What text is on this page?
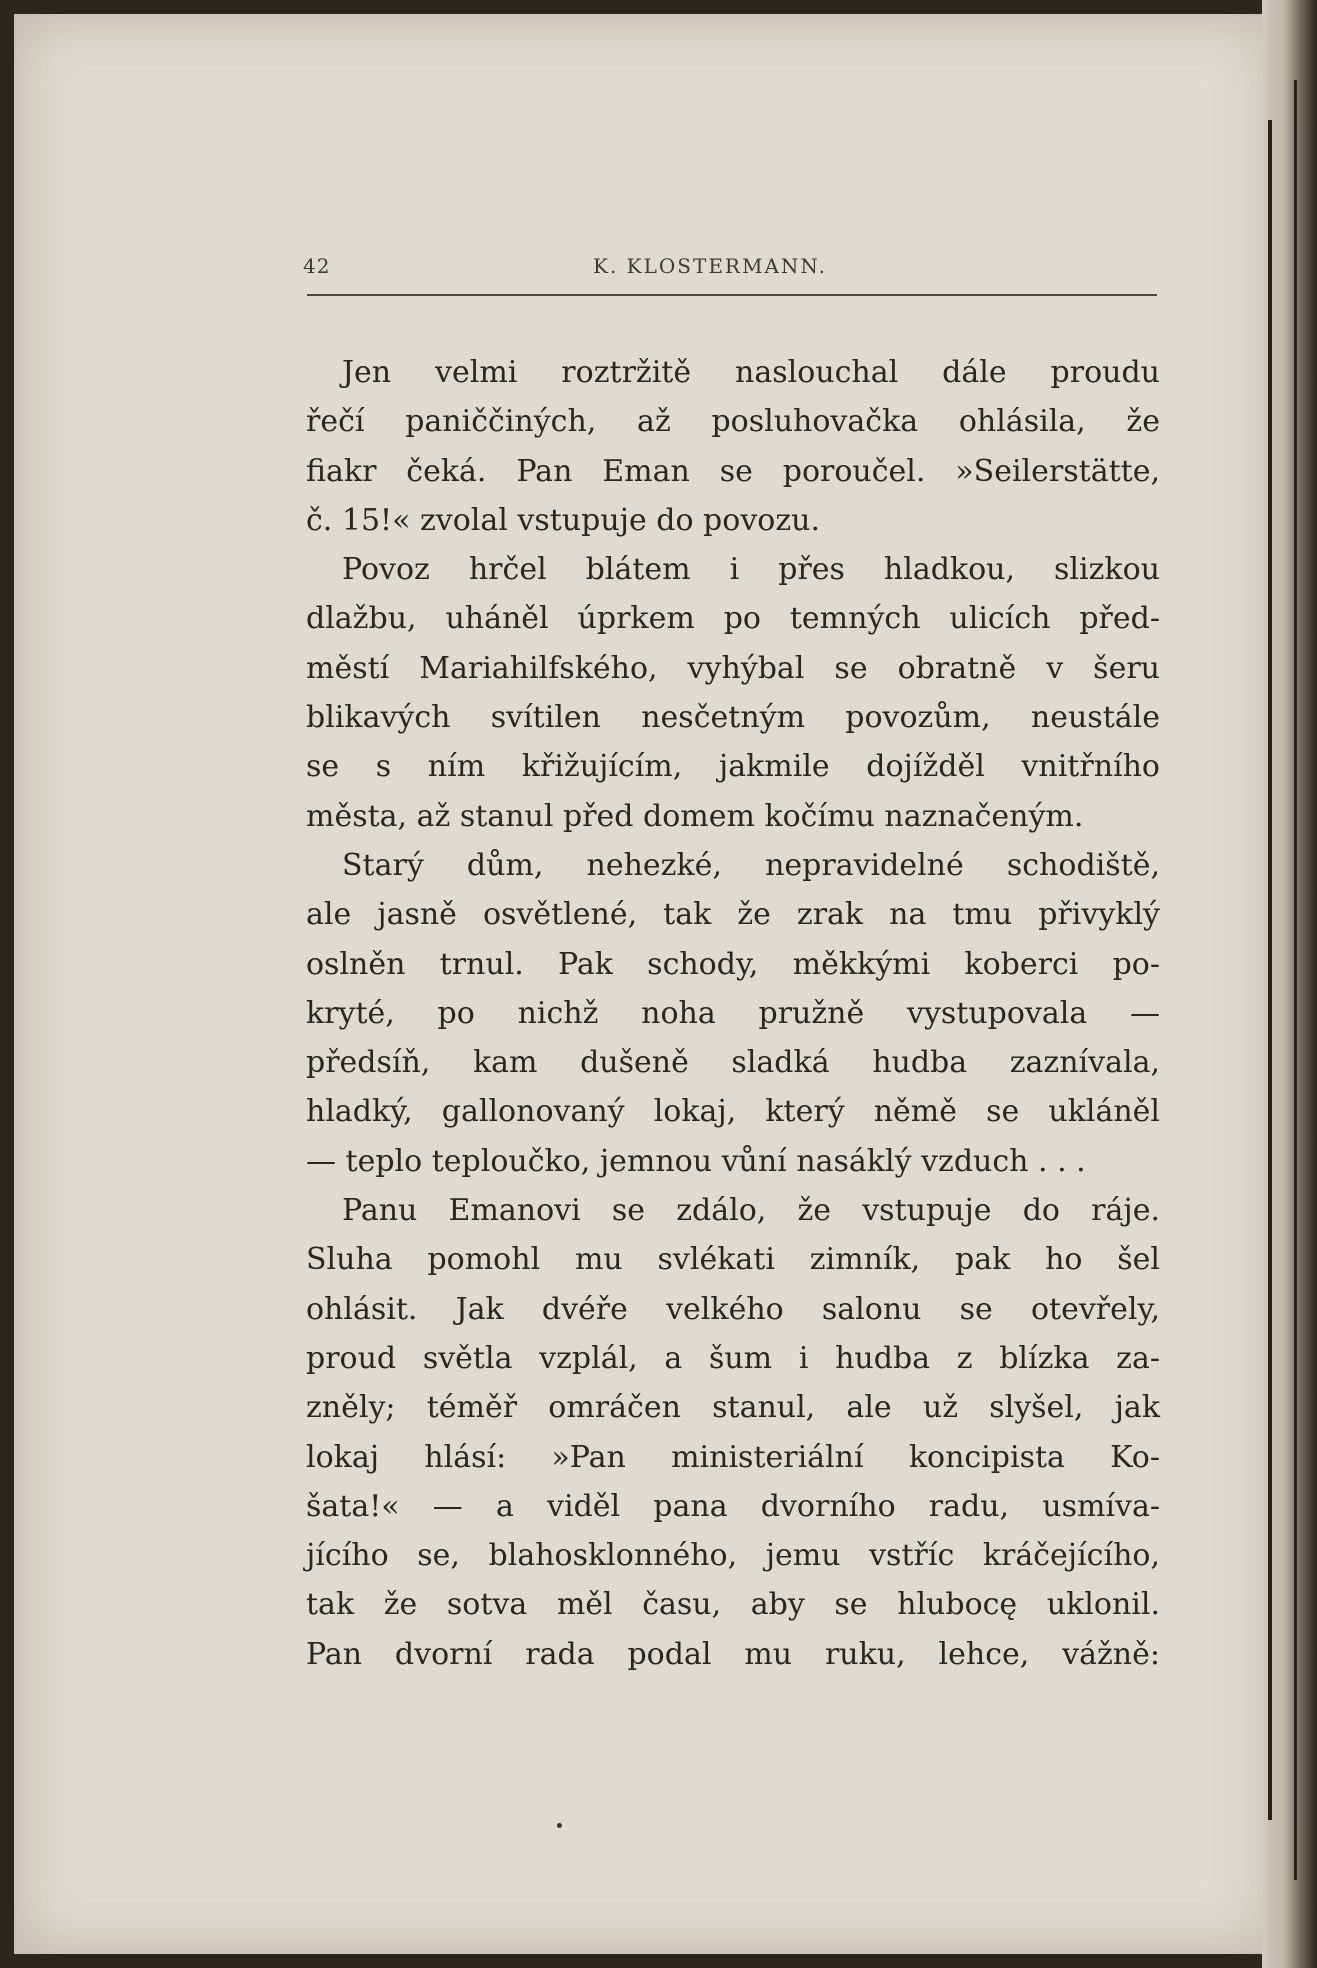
42	K. KLOSTERMANN.
Jen velmi roztržitě naslouchal dále proudu
řečí paniččiných, až posluhovačka ohlásila, že
fiakr čeká. Pan Eman se poroučel. »Seilerstätte,
č. 15!« zvolal vstupuje do povozu.
Povoz hrčel blátem i přes hladkou, slizkou
dlažbu, uháněl úprkem po temných ulicích před-
městí Mariahilfského, vyhýbal se obratně v šeru
blikavých svítilen nesčetným povozům, neustále
se s ním křižujícím, jakmile dojížděl vnitřního
města, až stanul před domem kočímu naznačeným.
Starý dům, nehezké, nepravidelné schodiště,
ale jasně osvětlené, tak že zrak na tmu přivyklý
oslněn trnul. Pak schody, měkkými koberci po-
kryté, po nichž noha pružně vystupovala —
předsíň, kam dušeně sladká hudba zaznívala,
hladký, gallonovaný lokaj, který němě se ukláněl
— teplo teploučko, jemnou vůní nasáklý vzduch . . .
Panu Emanovi se zdálo, že vstupuje do ráje.
Sluha pomohl mu svlékati zimník, pak ho šel
ohlásit. Jak dvéře velkého salonu se otevřely,
proud světla vzplál, a šum i hudba z blízka za-
zněly; téměř omráčen stanul, ale už slyšel, jak
lokaj hlásí: »Pan ministeriální koncipista Ko-
šata!« — a viděl pana dvorního radu, usmíva-
jícího se, blahosklonného, jemu vstříc kráčejícího,
tak že sotva měl času, aby se hlubocę uklonil.
Pan dvorní rada podal mu ruku, lehce, vážně:
